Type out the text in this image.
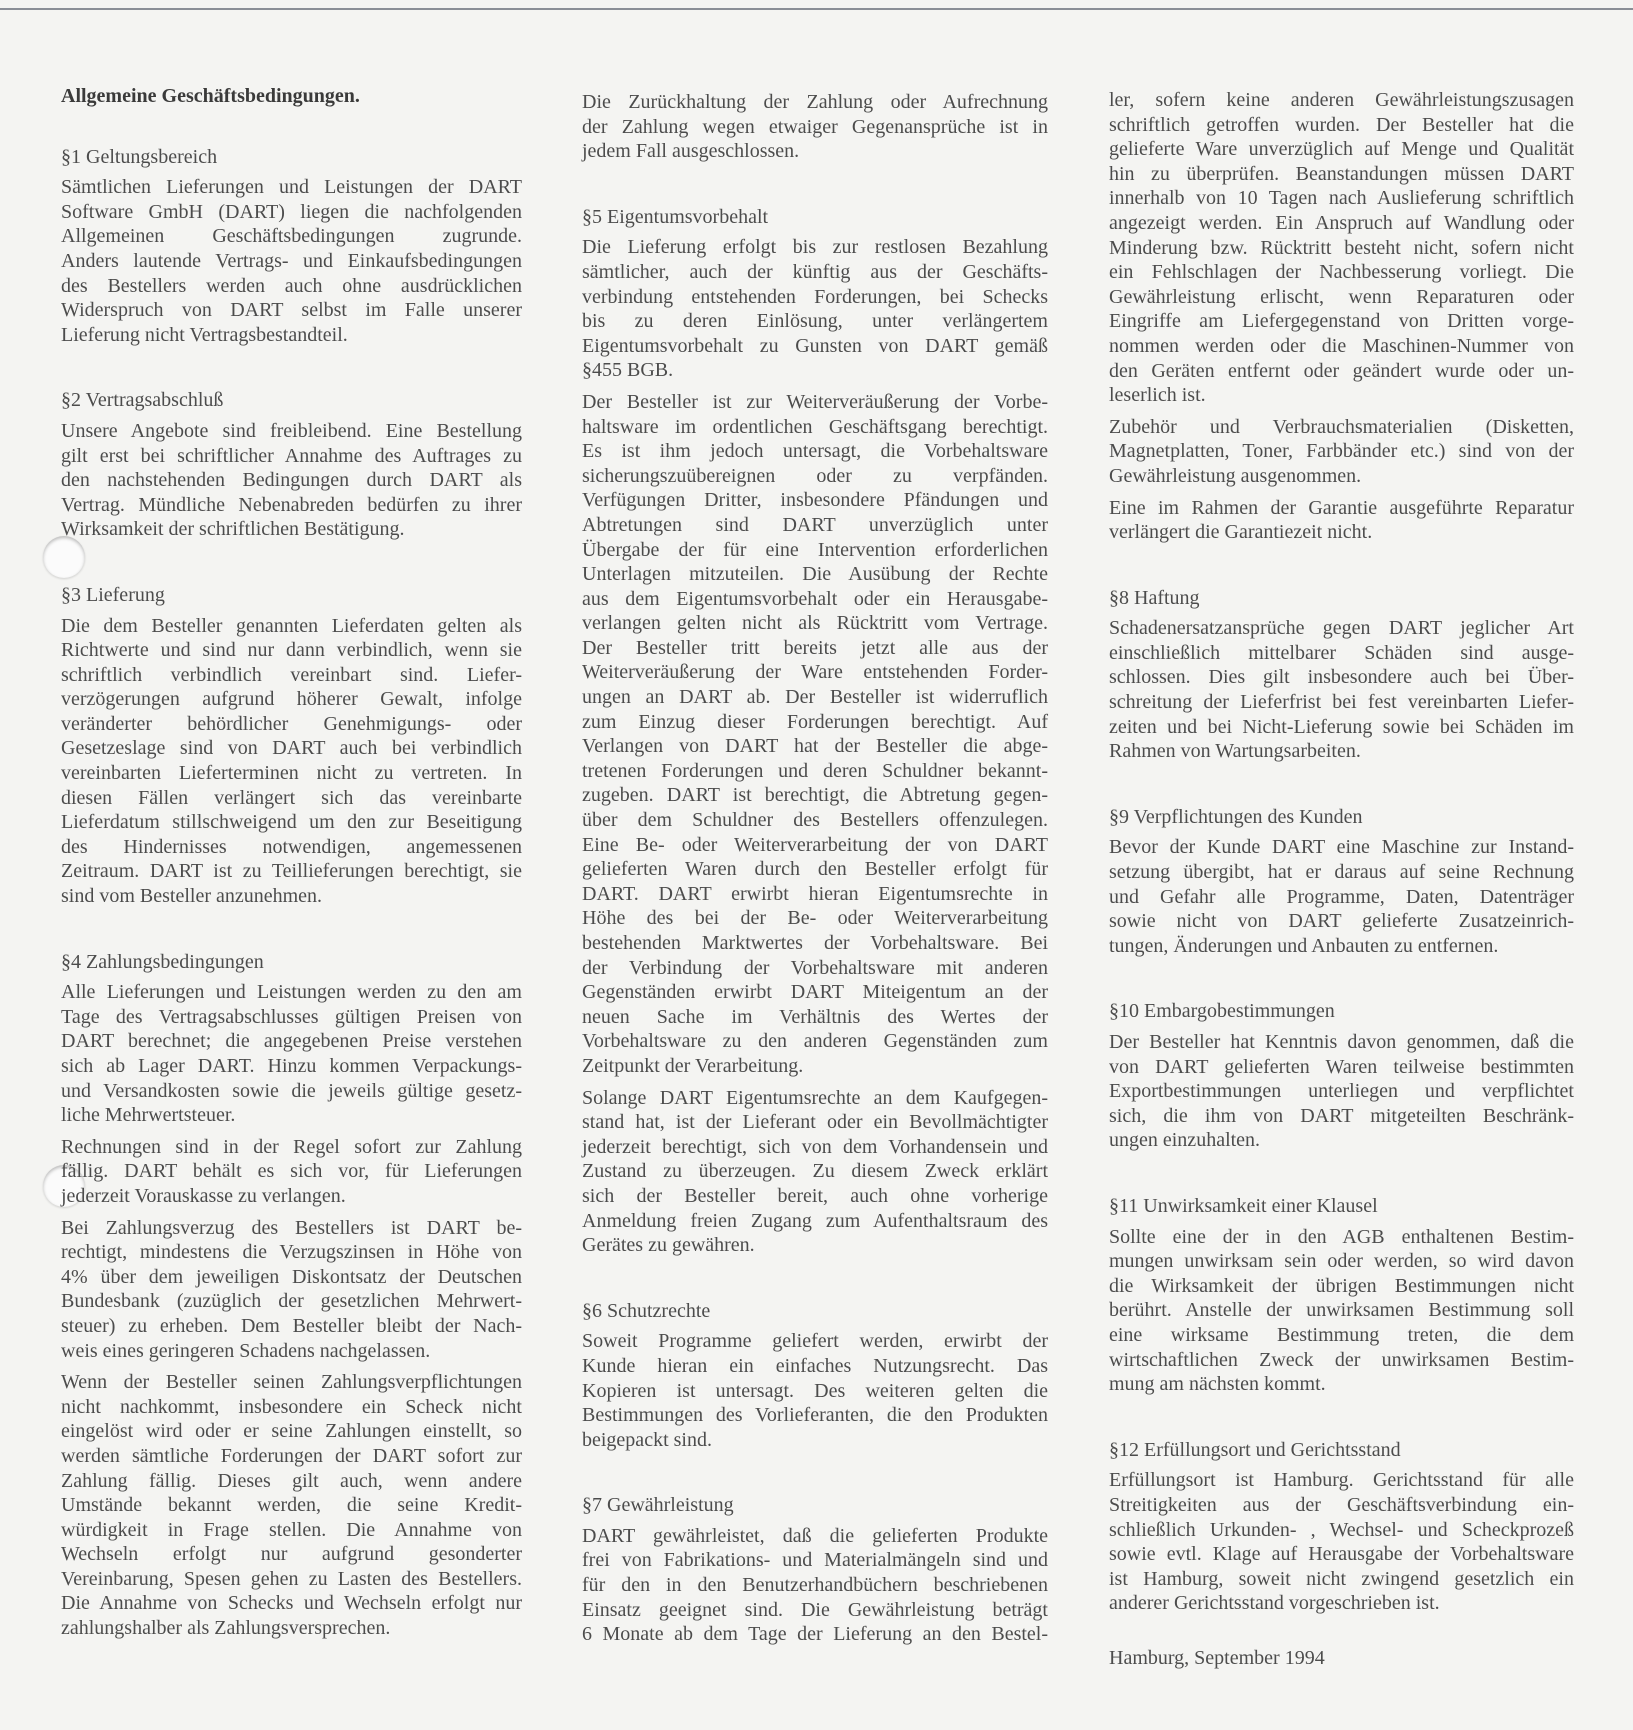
Allgemeine Geschäftsbedingungen.
§1 Geltungsbereich
Sämtlichen Lieferungen und Leistungen der DART
Software GmbH (DART) liegen die nachfolgenden
Allgemeinen Geschäftsbedingungen zugrunde.
Anders lautende Vertrags- und Einkaufsbedingungen
des Bestellers werden auch ohne ausdrücklichen
Widerspruch von DART selbst im Falle unserer
Lieferung nicht Vertragsbestandteil.
§2 Vertragsabschluß
Unsere Angebote sind freibleibend. Eine Bestellung
gilt erst bei schriftlicher Annahme des Auftrages zu
den nachstehenden Bedingungen durch DART als
Vertrag. Mündliche Nebenabreden bedürfen zu ihrer
Wirksamkeit der schriftlichen Bestätigung.
§3 Lieferung
Die dem Besteller genannten Lieferdaten gelten als
Richtwerte und sind nur dann verbindlich, wenn sie
schriftlich verbindlich vereinbart sind. Liefer-
verzögerungen aufgrund höherer Gewalt, infolge
veränderter behördlicher Genehmigungs- oder
Gesetzeslage sind von DART auch bei verbindlich
vereinbarten Lieferterminen nicht zu vertreten. In
diesen Fällen verlängert sich das vereinbarte
Lieferdatum stillschweigend um den zur Beseitigung
des Hindernisses notwendigen, angemessenen
Zeitraum. DART ist zu Teillieferungen berechtigt, sie
sind vom Besteller anzunehmen.
§4 Zahlungsbedingungen
Alle Lieferungen und Leistungen werden zu den am
Tage des Vertragsabschlusses gültigen Preisen von
DART berechnet; die angegebenen Preise verstehen
sich ab Lager DART. Hinzu kommen Verpackungs-
und Versandkosten sowie die jeweils gültige gesetz-
liche Mehrwertsteuer.
Rechnungen sind in der Regel sofort zur Zahlung
fällig. DART behält es sich vor, für Lieferungen
jederzeit Vorauskasse zu verlangen.
Bei Zahlungsverzug des Bestellers ist DART be-
rechtigt, mindestens die Verzugszinsen in Höhe von
4% über dem jeweiligen Diskontsatz der Deutschen
Bundesbank (zuzüglich der gesetzlichen Mehrwert-
steuer) zu erheben. Dem Besteller bleibt der Nach-
weis eines geringeren Schadens nachgelassen.
Wenn der Besteller seinen Zahlungsverpflichtungen
nicht nachkommt, insbesondere ein Scheck nicht
eingelöst wird oder er seine Zahlungen einstellt, so
werden sämtliche Forderungen der DART sofort zur
Zahlung fällig. Dieses gilt auch, wenn andere
Umstände bekannt werden, die seine Kredit-
würdigkeit in Frage stellen. Die Annahme von
Wechseln erfolgt nur aufgrund gesonderter
Vereinbarung, Spesen gehen zu Lasten des Bestellers.
Die Annahme von Schecks und Wechseln erfolgt nur
zahlungshalber als Zahlungsversprechen.
Die Zurückhaltung der Zahlung oder Aufrechnung
der Zahlung wegen etwaiger Gegenansprüche ist in
jedem Fall ausgeschlossen.
§5 Eigentumsvorbehalt
Die Lieferung erfolgt bis zur restlosen Bezahlung
sämtlicher, auch der künftig aus der Geschäfts-
verbindung entstehenden Forderungen, bei Schecks
bis zu deren Einlösung, unter verlängertem
Eigentumsvorbehalt zu Gunsten von DART gemäß
§455 BGB.
Der Besteller ist zur Weiterveräußerung der Vorbe-
haltsware im ordentlichen Geschäftsgang berechtigt.
Es ist ihm jedoch untersagt, die Vorbehaltsware
sicherungszuübereignen oder zu verpfänden.
Verfügungen Dritter, insbesondere Pfändungen und
Abtretungen sind DART unverzüglich unter
Übergabe der für eine Intervention erforderlichen
Unterlagen mitzuteilen. Die Ausübung der Rechte
aus dem Eigentumsvorbehalt oder ein Herausgabe-
verlangen gelten nicht als Rücktritt vom Vertrage.
Der Besteller tritt bereits jetzt alle aus der
Weiterveräußerung der Ware entstehenden Forder-
ungen an DART ab. Der Besteller ist widerruflich
zum Einzug dieser Forderungen berechtigt. Auf
Verlangen von DART hat der Besteller die abge-
tretenen Forderungen und deren Schuldner bekannt-
zugeben. DART ist berechtigt, die Abtretung gegen-
über dem Schuldner des Bestellers offenzulegen.
Eine Be- oder Weiterverarbeitung der von DART
gelieferten Waren durch den Besteller erfolgt für
DART. DART erwirbt hieran Eigentumsrechte in
Höhe des bei der Be- oder Weiterverarbeitung
bestehenden Marktwertes der Vorbehaltsware. Bei
der Verbindung der Vorbehaltsware mit anderen
Gegenständen erwirbt DART Miteigentum an der
neuen Sache im Verhältnis des Wertes der
Vorbehaltsware zu den anderen Gegenständen zum
Zeitpunkt der Verarbeitung.
Solange DART Eigentumsrechte an dem Kaufgegen-
stand hat, ist der Lieferant oder ein Bevollmächtigter
jederzeit berechtigt, sich von dem Vorhandensein und
Zustand zu überzeugen. Zu diesem Zweck erklärt
sich der Besteller bereit, auch ohne vorherige
Anmeldung freien Zugang zum Aufenthaltsraum des
Gerätes zu gewähren.
§6 Schutzrechte
Soweit Programme geliefert werden, erwirbt der
Kunde hieran ein einfaches Nutzungsrecht. Das
Kopieren ist untersagt. Des weiteren gelten die
Bestimmungen des Vorlieferanten, die den Produkten
beigepackt sind.
§7 Gewährleistung
DART gewährleistet, daß die gelieferten Produkte
frei von Fabrikations- und Materialmängeln sind und
für den in den Benutzerhandbüchern beschriebenen
Einsatz geeignet sind. Die Gewährleistung beträgt
6 Monate ab dem Tage der Lieferung an den Bestel-
ler, sofern keine anderen Gewährleistungszusagen
schriftlich getroffen wurden. Der Besteller hat die
gelieferte Ware unverzüglich auf Menge und Qualität
hin zu überprüfen. Beanstandungen müssen DART
innerhalb von 10 Tagen nach Auslieferung schriftlich
angezeigt werden. Ein Anspruch auf Wandlung oder
Minderung bzw. Rücktritt besteht nicht, sofern nicht
ein Fehlschlagen der Nachbesserung vorliegt. Die
Gewährleistung erlischt, wenn Reparaturen oder
Eingriffe am Liefergegenstand von Dritten vorge-
nommen werden oder die Maschinen-Nummer von
den Geräten entfernt oder geändert wurde oder un-
leserlich ist.
Zubehör und Verbrauchsmaterialien (Disketten,
Magnetplatten, Toner, Farbbänder etc.) sind von der
Gewährleistung ausgenommen.
Eine im Rahmen der Garantie ausgeführte Reparatur
verlängert die Garantiezeit nicht.
§8 Haftung
Schadenersatzansprüche gegen DART jeglicher Art
einschließlich mittelbarer Schäden sind ausge-
schlossen. Dies gilt insbesondere auch bei Über-
schreitung der Lieferfrist bei fest vereinbarten Liefer-
zeiten und bei Nicht-Lieferung sowie bei Schäden im
Rahmen von Wartungsarbeiten.
§9 Verpflichtungen des Kunden
Bevor der Kunde DART eine Maschine zur Instand-
setzung übergibt, hat er daraus auf seine Rechnung
und Gefahr alle Programme, Daten, Datenträger
sowie nicht von DART gelieferte Zusatzeinrich-
tungen, Änderungen und Anbauten zu entfernen.
§10 Embargobestimmungen
Der Besteller hat Kenntnis davon genommen, daß die
von DART gelieferten Waren teilweise bestimmten
Exportbestimmungen unterliegen und verpflichtet
sich, die ihm von DART mitgeteilten Beschränk-
ungen einzuhalten.
§11 Unwirksamkeit einer Klausel
Sollte eine der in den AGB enthaltenen Bestim-
mungen unwirksam sein oder werden, so wird davon
die Wirksamkeit der übrigen Bestimmungen nicht
berührt. Anstelle der unwirksamen Bestimmung soll
eine wirksame Bestimmung treten, die dem
wirtschaftlichen Zweck der unwirksamen Bestim-
mung am nächsten kommt.
§12 Erfüllungsort und Gerichtsstand
Erfüllungsort ist Hamburg. Gerichtsstand für alle
Streitigkeiten aus der Geschäftsverbindung ein-
schließlich Urkunden- , Wechsel- und Scheckprozeß
sowie evtl. Klage auf Herausgabe der Vorbehaltsware
ist Hamburg, soweit nicht zwingend gesetzlich ein
anderer Gerichtsstand vorgeschrieben ist.
Hamburg, September 1994
